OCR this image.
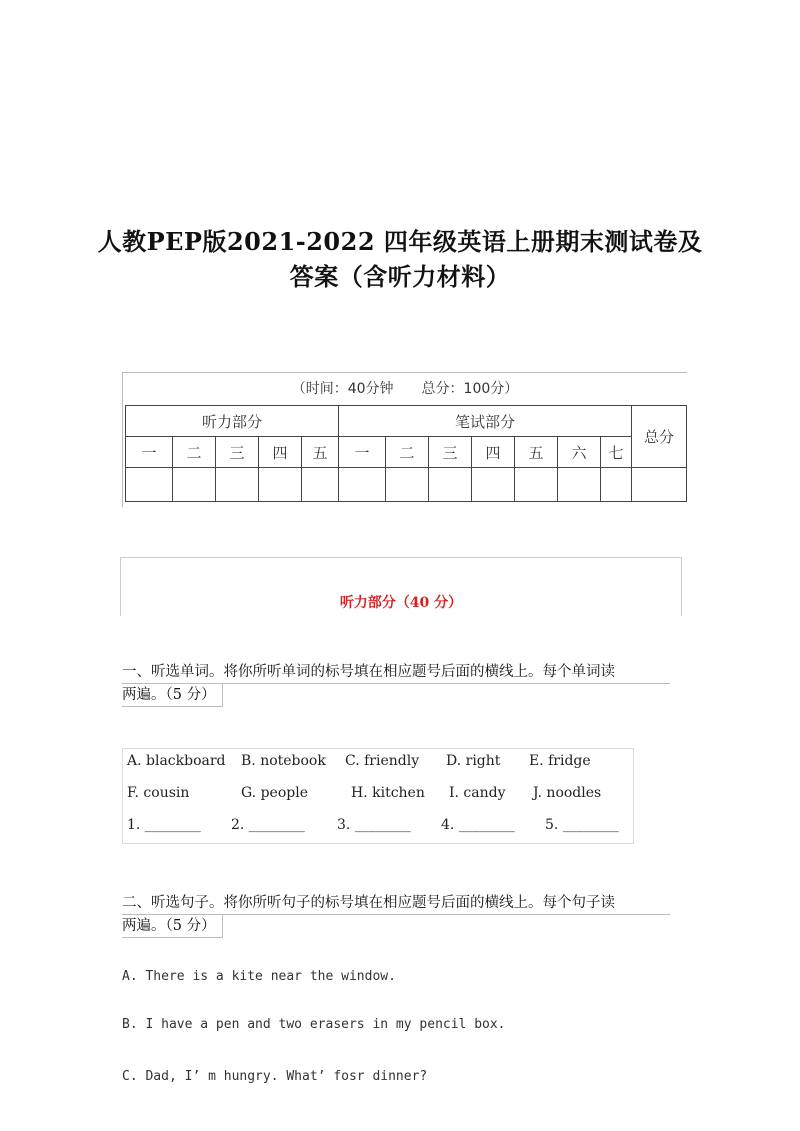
人教PEP版2021-2022 四年级英语上册期末测试卷及
答案（含听力材料）
（时间：40分钟　　总分：100分）
听力部分					笔试部分							总分
一	二	三	四	五	一	二	三	四	五	六	七	

听力部分（40 分）
一、听选单词。将你所听单词的标号填在相应题号后面的横线上。每个单词读
两遍。（5 分）
A. blackboard B. notebook C. friendly D. right E. fridge
F. cousin	G. people	H. kitchen I. candy J. noodles
1. ________ 2. ________ 3. ________ 4. ________ 5. ________
二、听选句子。将你所听句子的标号填在相应题号后面的横线上。每个句子读
两遍。（5 分）
A. There is a kite near the window.
B. I have a pen and two erasers in my pencil box.
C. Dad, I’ m hungry. What’ fosr dinner?
